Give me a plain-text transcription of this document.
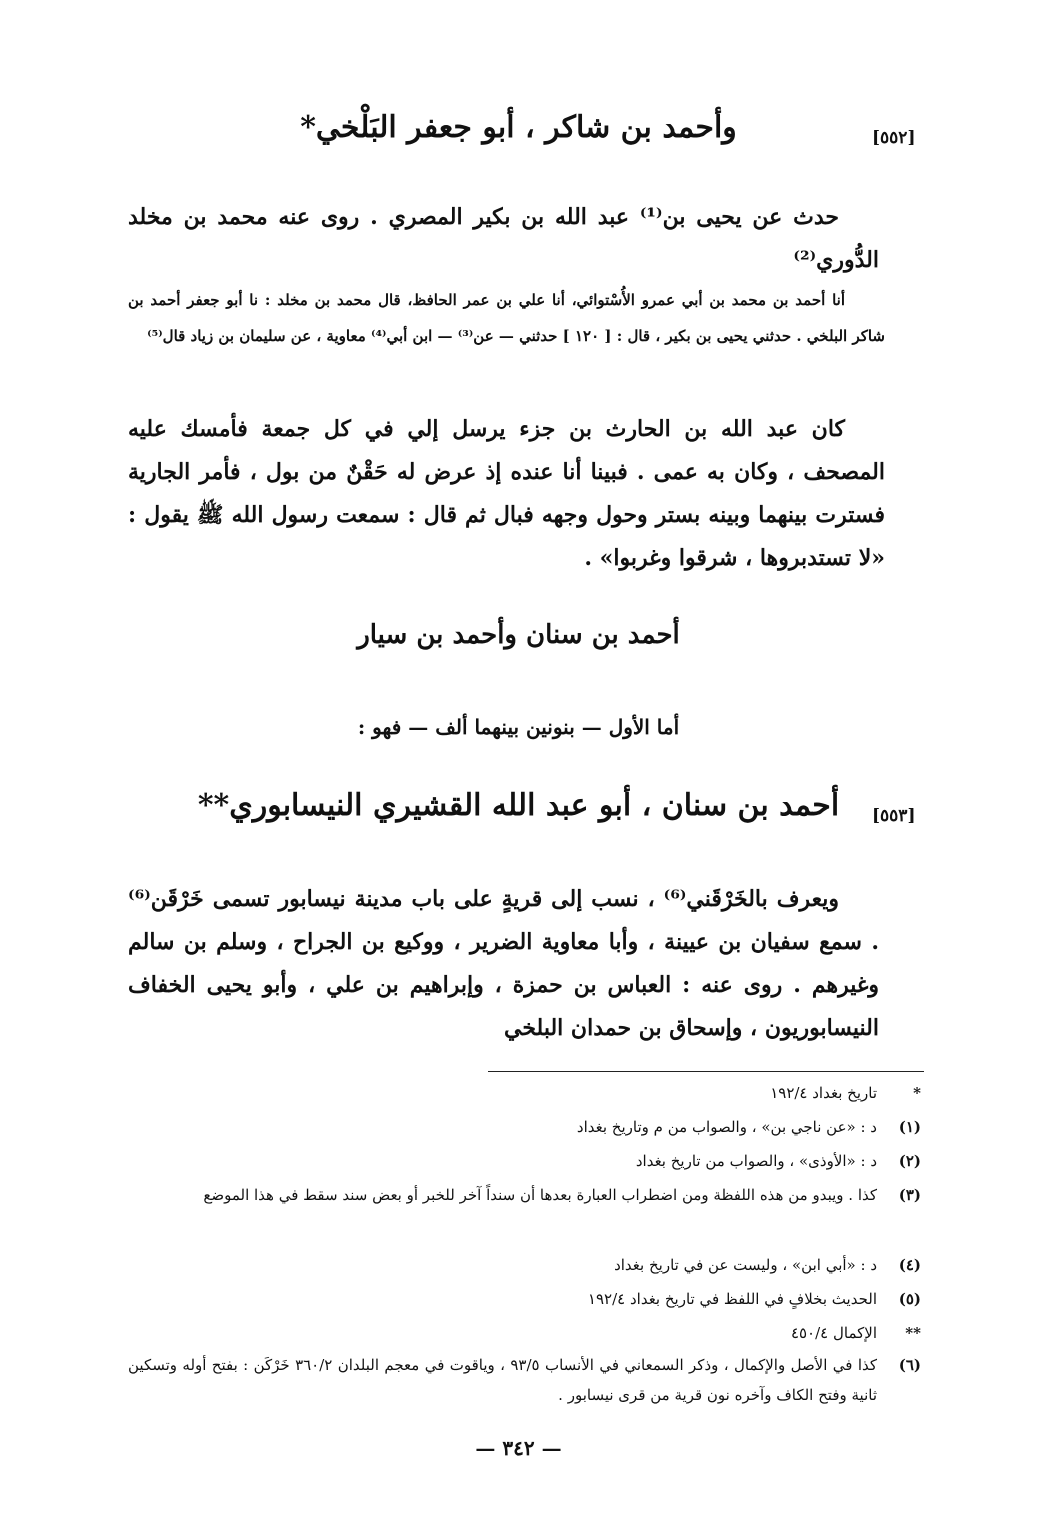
[٥٥٢]
وأحمد بن شاكر ، أبو جعفر البَلْخي*
حدث عن يحيى بن⁽¹⁾ عبد الله بن بكير المصري . روى عنه محمد بن مخلد الدُّوري⁽²⁾
أنا أحمد بن محمد بن أبي عمرو الأُسْتوائي، أنا علي بن عمر الحافظ، قال محمد بن مخلد : نا أبو جعفر أحمد بن شاكر البلخي . حدثني يحيى بن بكير ، قال : [ ١٢٠ ] حدثني — عن⁽³⁾ — ابن أبي⁽⁴⁾ معاوية ، عن سليمان بن زياد قال⁽⁵⁾
كان عبد الله بن الحارث بن جزء يرسل إلي في كل جمعة فأمسك عليه المصحف ، وكان به عمى . فبينا أنا عنده إذ عرض له حَقْنٌ من بول ، فأمر الجارية فسترت بينهما وبينه بستر وحول وجهه فبال ثم قال : سمعت رسول الله ﷺ يقول : «لا تستدبروها ، شرقوا وغربوا» .
أحمد بن سنان وأحمد بن سيار
أما الأول — بنونين بينهما ألف — فهو :
[٥٥٣]
أحمد بن سنان ، أبو عبد الله القشيري النيسابوري**
ويعرف بالخَرْقَني⁽⁶⁾ ، نسب إلى قريةٍ على باب مدينة نيسابور تسمى خَرْقَن⁽⁶⁾ . سمع سفيان بن عيينة ، وأبا معاوية الضرير ، ووكيع بن الجراح ، وسلم بن سالم وغيرهم . روى عنه : العباس بن حمزة ، وإبراهيم بن علي ، وأبو يحيى الخفاف النيسابوريون ، وإسحاق بن حمدان البلخي
*
تاريخ بغداد ١٩٢/٤
(١)
د : «عن ناجي بن» ، والصواب من م وتاريخ بغداد
(٢)
د : «الأوذى» ، والصواب من تاريخ بغداد
(٣)
كذا . ويبدو من هذه اللفظة ومن اضطراب العبارة بعدها أن سنداً آخر للخبر أو بعض سند سقط في هذا الموضع
(٤)
د : «أبي ابن» ، وليست عن في تاريخ بغداد
(٥)
الحديث بخلافٍ في اللفظ في تاريخ بغداد ١٩٢/٤
**
الإكمال ٤٥٠/٤
(٦)
كذا في الأصل والإكمال ، وذكر السمعاني في الأنساب ٩٣/٥ ، وياقوت في معجم البلدان ٣٦٠/٢ خَرْكَن : بفتح أوله وتسكين ثانية وفتح الكاف وآخره نون قرية من قرى نيسابور .
— ٣٤٢ —
